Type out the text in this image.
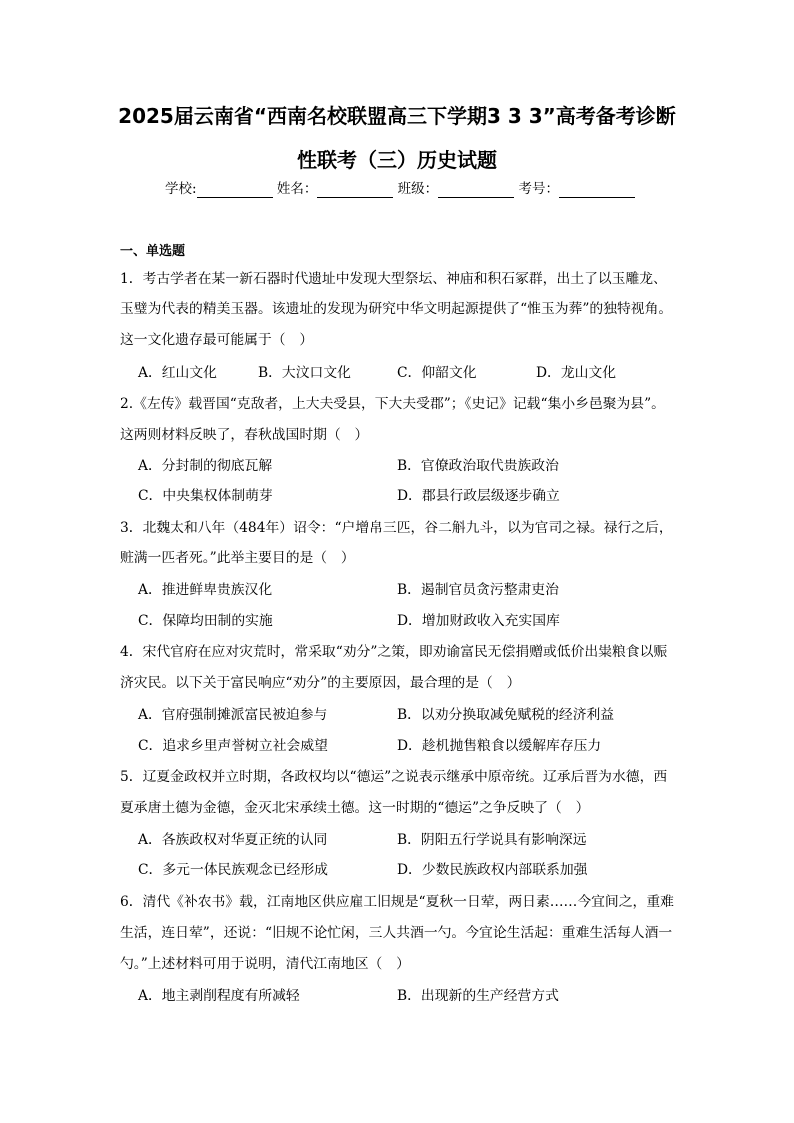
2025届云南省“西南名校联盟高三下学期3 3 3”高考备考诊断
性联考（三）历史试题
学校:	姓名：	班级：	考号：
一、单选题
1．考古学者在某一新石器时代遗址中发现大型祭坛、神庙和积石冢群，出土了以玉雕龙、
玉璧为代表的精美玉器。该遗址的发现为研究中华文明起源提供了“惟玉为葬”的独特视角。
这一文化遗存最可能属于（　）
A．红山文化	B．大汶口文化	C．仰韶文化	D．龙山文化
2.《左传》载晋国“克敌者，上大夫受县，下大夫受郡”；《史记》记载“集小乡邑聚为县”。
这两则材料反映了，春秋战国时期（　）
A．分封制的彻底瓦解	B．官僚政治取代贵族政治
C．中央集权体制萌芽	D．郡县行政层级逐步确立
3．北魏太和八年（484年）诏令：“户增帛三匹，谷二斛九斗，以为官司之禄。禄行之后，
赃满一匹者死。”此举主要目的是（　）
A．推进鲜卑贵族汉化	B．遏制官员贪污整肃吏治
C．保障均田制的实施	D．增加财政收入充实国库
4．宋代官府在应对灾荒时，常采取“劝分”之策，即劝谕富民无偿捐赠或低价出粜粮食以赈
济灾民。以下关于富民响应“劝分”的主要原因，最合理的是（　）
A．官府强制摊派富民被迫参与	B．以劝分换取减免赋税的经济利益
C．追求乡里声誉树立社会威望	D．趁机抛售粮食以缓解库存压力
5．辽夏金政权并立时期，各政权均以“德运”之说表示继承中原帝统。辽承后晋为水德，西
夏承唐土德为金德，金灭北宋承续土德。这一时期的“德运”之争反映了（　）
A．各族政权对华夏正统的认同	B．阴阳五行学说具有影响深远
C．多元一体民族观念已经形成	D．少数民族政权内部联系加强
6．清代《补农书》载，江南地区供应雇工旧规是“夏秋一日荤，两日素……今宜间之，重难
生活，连日荤”，还说：“旧规不论忙闲，三人共酒一勺。今宜论生活起：重难生活每人酒一
勺。”上述材料可用于说明，清代江南地区（　）
A．地主剥削程度有所减轻	B．出现新的生产经营方式
